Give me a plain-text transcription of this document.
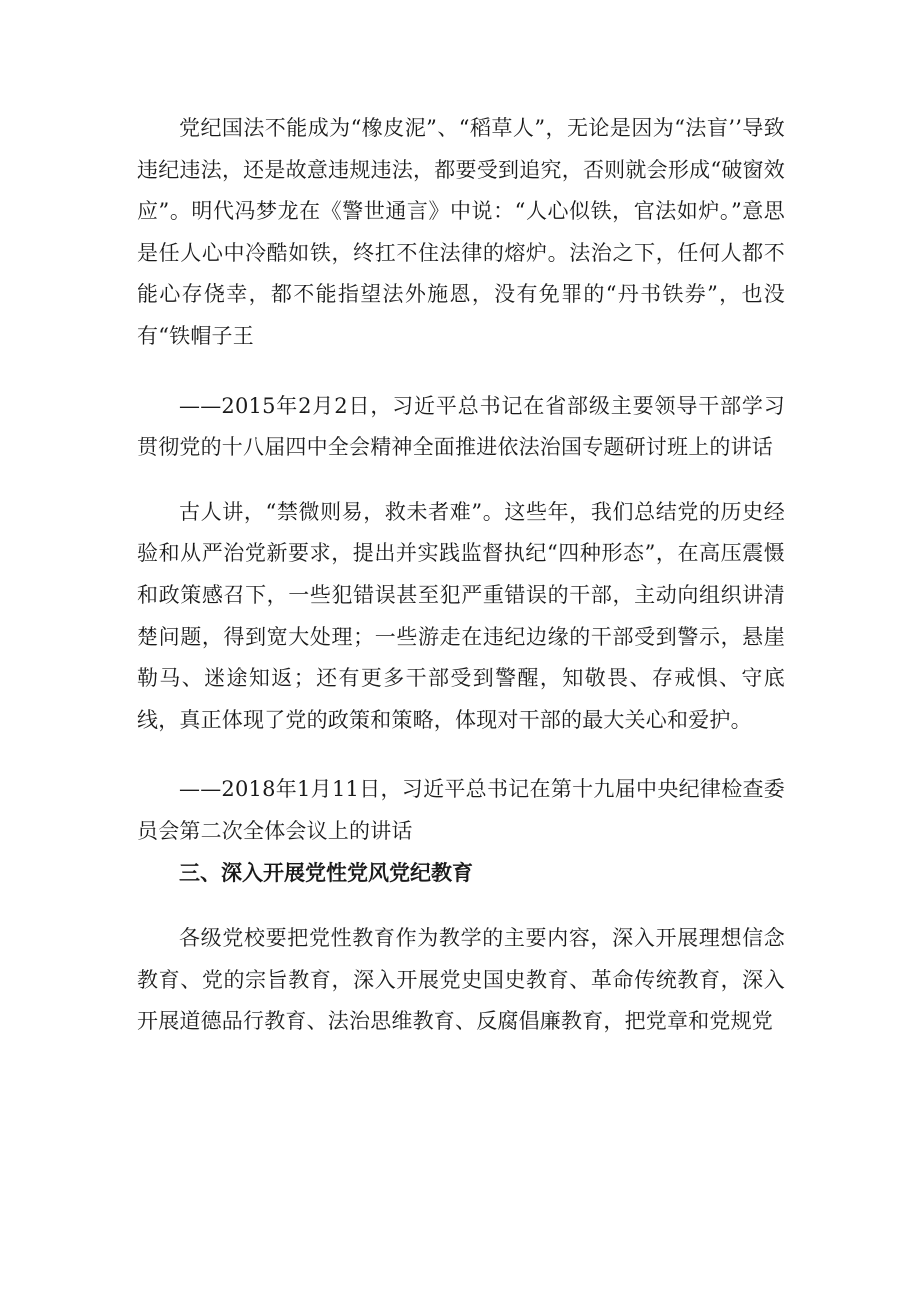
党纪国法不能成为“橡皮泥”、“稻草人”，无论是因为“法盲’’导致违纪违法，还是故意违规违法，都要受到追究，否则就会形成“破窗效应”。明代冯梦龙在《警世通言》中说：“人心似铁，官法如炉。”意思是任人心中冷酷如铁，终扛不住法律的熔炉。法治之下，任何人都不能心存侥幸，都不能指望法外施恩，没有免罪的“丹书铁券”，也没有“铁帽子王

——2015年2月2日，习近平总书记在省部级主要领导干部学习贯彻党的十八届四中全会精神全面推进依法治国专题研讨班上的讲话

古人讲，“禁微则易，救未者难”。这些年，我们总结党的历史经验和从严治党新要求，提出并实践监督执纪“四种形态”，在高压震慑和政策感召下，一些犯错误甚至犯严重错误的干部，主动向组织讲清楚问题，得到宽大处理；一些游走在违纪边缘的干部受到警示，悬崖勒马、迷途知返；还有更多干部受到警醒，知敬畏、存戒惧、守底线，真正体现了党的政策和策略，体现对干部的最大关心和爱护。

——2018年1月11日，习近平总书记在第十九届中央纪律检查委员会第二次全体会议上的讲话

三、深入开展党性党风党纪教育

各级党校要把党性教育作为教学的主要内容，深入开展理想信念教育、党的宗旨教育，深入开展党史国史教育、革命传统教育，深入开展道德品行教育、法治思维教育、反腐倡廉教育，把党章和党规党
